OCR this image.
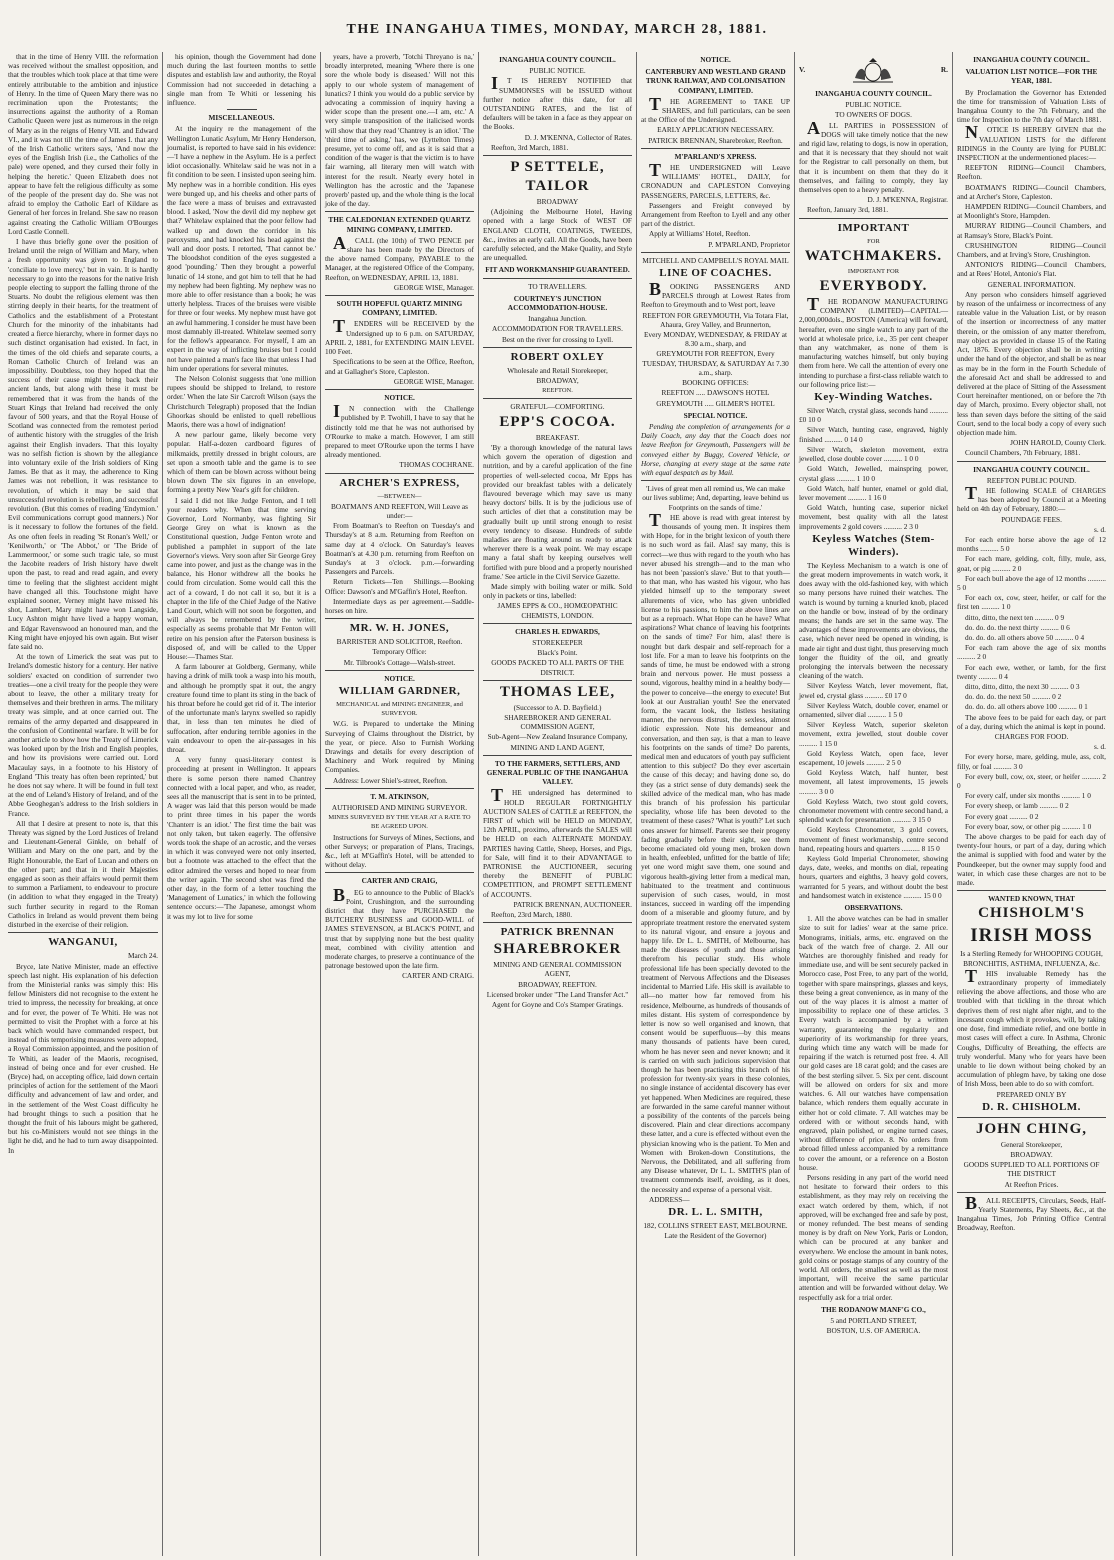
THE INANGAHUA TIMES, MONDAY, MARCH 28, 1881.

that in the time of Henry VIII. the reformation was received without the smallest opposition, and that the troubles which took place at that time were entirely attributable to the ambition and injustice of Henry. In the time of Queen Mary there was no recrimination upon the Protestants; the insurrections against the authority of a Roman Catholic Queen were just as numerous in the reign of Mary as in the reigns of Henry VII. and Edward VI., and it was not till the time of James I. that any of the Irish Catholic writers says, 'And now the eyes of the English Irish (i.e., the Catholics of the pale) were opened, and they cursed their folly in helping the heretic.' Queen Elizabeth does not appear to have felt the religious difficulty as some of the people of the present day do. She was not afraid to employ the Catholic Earl of Kildare as General of her forces in Ireland. She saw no reason against creating the Catholic William O'Bourges Lord Castle Connell.

I have thus briefly gone over the position of Ireland until the reign of William and Mary, when a fresh opportunity was given to England to 'conciliate to love mercy,' but in vain. It is hardly necessary to go into the reasons for the native Irish people electing to support the falling throne of the Stuarts. No doubt the religious element was then stirring deeply in their hearts, for the treatment of Catholics and the establishment of a Protestant Church for the minority of the inhabitants had created a fierce hierarchy, where in former days no such distinct organisation had existed. In fact, in the times of the old chiefs and separate courts, a Roman Catholic Church of Ireland was an impossibility. Doubtless, too they hoped that the success of their cause might bring back their ancient lands, but along with these it must be remembered that it was from the hands of the Stuart Kings that Ireland had received the only favour of 500 years, and that the Royal House of Scotland was connected from the remotest period of authentic history with the struggles of the Irish against their English invaders. That this loyalty was no selfish fiction is shown by the allegiance into voluntary exile of the Irish soldiers of King James. Be that as it may, the adherence to King James was not rebellion, it was resistance to revolution, of which it may be said that unsuccessful revolution is rebellion, and successful revolution. (But this comes of reading 'Endymion.' Evil communications corrupt good manners.) Nor is it necessary to follow the fortunes of the field. As one often feels in reading 'St Ronan's Well,' or 'Kenilworth,' or 'The Abbot,' or 'The Bride of Lammermoor,' or some such tragic tale, so must the Jacobite readers of Irish history have dwelt upon the past, to read and read again, and every time to feeling that the slightest accident might have changed all this. Touchstone might have explained sooner, Verney might have missed his shot, Lambert, Mary might have won Langside, Lucy Ashton might have lived a happy woman, and Edgar Ravenswood an honoured man, and the King might have enjoyed his own again. But wiser fate said no.

At the town of Limerick the seat was put to Ireland's domestic history for a century. Her native soldiers' exacted on condition of surrender two treaties—one a civil treaty for the people they were about to leave, the other a military treaty for themselves and their brethren in arms. The military treaty was simple, and at once carried out. The remains of the army departed and disappeared in the confusion of Continental warfare. It will be for another article to show how the Treaty of Limerick was looked upon by the Irish and English peoples, and how its provisions were carried out. Lord Macaulay says, in a footnote to his History of England 'This treaty has often been reprinted,' but he does not say where. It will be found in full text at the end of Leland's History of Ireland, and of the Abbe Geoghegan's address to the Irish soldiers in France.

All that I desire at present to note is, that this Threaty was signed by the Lord Justices of Ireland and Lieutenant-General Ginkle, on behalf of William and Mary on the one part, and by the Right Honourable, the Earl of Lucan and others on the other part; and that in it their Majesties engaged as soon as their affairs would permit them to summon a Parliament, to endeavour to procure (in addition to what they engaged in the Treaty) such further security in regard to the Roman Catholics in Ireland as would prevent them being disturbed in the exercise of their religion.

WANGANUI,

March 24.

Bryce, late Native Minister, made an effective speech last night. His explanation of his defection from the Ministerial ranks was simply this: His fellow Ministers did not recognise to the extent he tried to impress, the necessity for breaking, at once and for ever, the power of Te Whiti. He was not permitted to visit the Prophet with a force at his back which would have commanded respect, but instead of this temporising measures were adopted, a Royal Commission appointed, and the position of Te Whiti, as leader of the Maoris, recognised, instead of being once and for ever crushed. He (Bryce) had, on accepting office, laid down certain principles of action for the settlement of the Maori difficulty and advancement of law and order, and in the settlement of the West Coast difficulty he had brought things to such a position that he thought the fruit of his labours might be gathered, but his co-Ministers would not see things in the light he did, and he had to turn away disappointed. In

his opinion, though the Government had done much during the last fourteen months to settle disputes and establish law and authority, the Royal Commission had not succeeded in detaching a single man from Te Whiti or lessening his influence.

MISCELLANEOUS.

At the inquiry re the management of the Wellington Lunatic Asylum, Mr Henry Henderson, journalist, is reported to have said in his evidence:—'I have a nephew in the Asylum. He is a perfect idiot occasionally. Whitelaw said he was not in a fit condition to be seen. I insisted upon seeing him. My nephew was in a horrible condition. His eyes were bunged up, and his cheeks and other parts of the face were a mass of bruises and extravasted blood. I asked, 'Now the devil did my nephew get that?' Whitelaw explained that the poor fellow had walked up and down the corridor in his paroxysms, and had knocked his head against the wall and door posts. I retorted, 'That cannot be.' The bloodshot condition of the eyes suggested a good 'pounding.' Then they brought a powerful lunatic of 14 stone, and got him to tell that he had my nephew had been fighting. My nephew was no more able to offer resistance than a book; he was utterly helpless. Traces of the bruises were visible for three or four weeks. My nephew must have got an awful hammering. I consider he must have been most damnably ill-treated. Whitelaw seemed sorry for the fellow's appearance. For myself, I am an expert in the way of inflicting bruises but I could not have painted a man's face like that unless I had him under operations for several minutes.

The Nelson Colonist suggests that 'one million rupees should be shipped to Ireland, to restore order.' When the late Sir Carcroft Wilson (says the Christchurch Telegraph) proposed that the Indian Ghoorkas should be enlisted to quell rebellious Maoris, there was a howl of indignation!

A new parlour game, likely become very popular. Half-a-dozen cardboard figures of milkmaids, prettily dressed in bright colours, are set upon a smooth table and the game is to see which of them can be blown across without being blown down The six figures in an envelope, forming a pretty New Year's gift for children.

I said I did not like Judge Fenton, and I tell your readers why. When that time serving Governor, Lord Normanby, was fighting Sir George Grey on what is known as the Constitutional question, Judge Fenton wrote and published a pamphlet in support of the late Governor's views. Very soon after Sir George Grey came into power, and just as the change was in the balance, his Honor withdrew all the books he could from circulation. Some would call this the act of a coward, I do not call it so, but it is a chapter in the life of the Chief Judge of the Native Land Court, which will not soon be forgotten, and will always be remembered by the writer, especially as seems probable that Mr Fenton will retire on his pension after the Paterson business is disposed of, and will be called to the Upper House:—Thames Star.

A farm labourer at Goldberg, Germany, while having a drink of milk took a wasp into his mouth, and although he promptly spat it out, the angry creature found time to plant its sting in the back of his throat before he could get rid of it. The interior of the unfortunate man's larynx swelled so rapidly that, in less than ten minutes he died of suffocation, after enduring terrible agonies in the vain endeavour to open the air-passages in his throat.

A very funny quasi-literary contest is proceeding at present in Wellington. It appears there is some person there named Chantrey connected with a local paper, and who, as reader, sees all the manuscript that is sent in to be printed, A wager was laid that this person would be made to print three times in his paper the words 'Chanterr is an idiot.' The first time the bait was not only taken, but taken eagerly. The offensive words took the shape of an acrostic, and the verses in which it was conveyed were not only inserted, but a footnote was attached to the effect that the editor admired the verses and hoped to near from the writer again. The second shot was fired the other day, in the form of a letter touching the 'Management of Lunatics,' in which the following sentence occurs:—'The Japanese, amongst whom it was my lot to live for some

years, have a proverb, 'Totchi Threyano is na,' broadly interpreted, meaning 'Where there is one sore the whole body is diseased.' Will not this apply to our whole system of management of lunatics? I think you would do a public service by advocating a commission of inquiry having a wider scope than the present one.—I am, etc.' A very simple transposition of the italicised words will show that they read 'Chantrey is an idiot.' The 'third time of asking,' has, we (Lyttelton Times) presume, yet to come off, and as it is said that a condition of the wager is that the victim is to have fair warning, all literary men will watch with interest for the result. Nearly every hotel in Wellington has the acrostic and the 'Japanese proverb' pasted up, and the whole thing is the local joke of the day.

THE CALEDONIAN EXTENDED QUARTZ MINING COMPANY, LIMITED.

ACALL (the 10th) of TWO PENCE per share has been made by the Directors of the above named Company, PAYABLE to the Manager, at the registered Office of the Company, Reefton, on WEDNESDAY, APRIL 13, 1881.

GEORGE WISE, Manager.

SOUTH HOPEFUL QUARTZ MINING COMPANY, LIMITED.

TENDERS will be RECEIVED by the Undersigned up to 6 p.m. on SATURDAY, APRIL 2, 1881, for EXTENDING MAIN LEVEL 100 Feet.

Specifications to be seen at the Office, Reefton, and at Gallagher's Store, Capleston.

GEORGE WISE, Manager.

NOTICE.

IN connection with the Challenge published by P. Twohill, I have to say that he distinctly told me that he was not authorised by O'Rourke to make a match. However, I am still prepared to meet O'Rourke upon the terms I have already mentioned.

THOMAS COCHRANE.

ARCHER'S EXPRESS,

—BETWEEN—

BOATMAN'S AND REEFTON, Will Leave as under:—

From Boatman's to Reefton on Tuesday's and Thursday's at 8 a.m. Returning from Reefton on same day at 4 o'clock. On Saturday's leaves Boatman's at 4.30 p.m. returning from Reefton on Sunday's at 3 o'clock. p.m.—forwarding Passengers and Parcels.

Return Tickets—Ten Shillings.—Booking Office: Dawson's and M'Gaffin's Hotel, Reefton.

Intermediate days as per agreement.—Saddle-horses on hire.

MR. W. H. JONES,

BARRISTER AND SOLICITOR, Reefton.

Temporary Office:

Mr. Tilbrook's Cottage—Walsh-street.

NOTICE.
WILLIAM GARDNER,

MECHANICAL and MINING ENGINEER, and SURVEYOR.

W.G. is Prepared to undertake the Mining Surveying of Claims throughout the District, by the year, or piece. Also to Furnish Working Drawings and details for every description of Machinery and Work required by Mining Companies.

Address: Lower Shiel's-street, Reefton.

T. M. ATKINSON,

AUTHORISED AND MINING SURVEYOR.

MINES SURVEYED BY THE YEAR AT A RATE TO BE AGREED UPON.

Instructions for Surveys of Mines, Sections, and other Surveys; or preparation of Plans, Tracings, &c., left at M'Gaffin's Hotel, will be attended to without delay.

CARTER AND CRAIG,

BEG to announce to the Public of Black's Point, Crushington, and the surrounding district that they have PURCHASED the BUTCHERY BUSINESS and GOOD-WILL of JAMES STEVENSON, at BLACK'S POINT, and trust that by supplying none but the best quality meat, combined with civility attention and moderate charges, to preserve a continuance of the patronage bestowed upon the late firm.

CARTER AND CRAIG.

INANGAHUA COUNTY COUNCIL.

PUBLIC NOTICE.

IT IS HEREBY NOTIFIED that SUMMONSES will be ISSUED without further notice after this date, for all OUTSTANDING RATES, and the list of defaulters will be taken in a face as they appear on the Books.

D. J. M'KENNA, Collector of Rates.

Reefton, 3rd March, 1881.

P SETTELE,
TAILOR

BROADWAY

(Adjoining the Melbourne Hotel, Having opened with a large Stock of WEST OF ENGLAND CLOTH, COATINGS, TWEEDS, &c., invites an early call. All the Goods, have been carefully selected, and the Make Quality, and Style are unequalled.

FIT AND WORKMANSHIP GUARANTEED.

TO TRAVELLERS.

COURTNEY'S JUNCTION ACCOMMODATION-HOUSE.

Inangahua Junction.

ACCOMMODATION FOR TRAVELLERS.

Best on the river for crossing to Lyell.

ROBERT OXLEY

Wholesale and Retail Storekeeper,

BROADWAY,

REEFTON.

GRATEFUL—COMFORTING.

EPP'S COCOA.

BREAKFAST.

'By a thorough knowledge of the natural laws which govern the operation of digestion and nutrition, and by a careful application of the fine properties of well-selected cocoa, Mr Epps has provided our breakfast tables with a delicately flavoured beverage which may save us many heavy doctors' bills. It is by the judicious use of such articles of diet that a constitution may be gradually built up until strong enough to resist every tendency to disease. Hundreds of subtle maladies are floating around us ready to attack wherever there is a weak point. We may escape many a fatal shaft by keeping ourselves well fortified with pure blood and a properly nourished frame.' See article in the Civil Service Gazette.

Made simply with boiling water or milk. Sold only in packets or tins, labelled:

JAMES EPPS & CO., HOMŒOPATHIC CHEMISTS, LONDON.

CHARLES H. EDWARDS,

STOREKEEPER

Black's Point.

GOODS PACKED TO ALL PARTS OF THE DISTRICT.

THOMAS LEE,

(Successor to A. D. Bayfield.)

SHAREBROKER AND GENERAL COMMISSION AGENT,

Sub-Agent—New Zealand Insurance Company,

MINING AND LAND AGENT,

TO THE FARMERS, SETTLERS, AND GENERAL PUBLIC OF THE INANGAHUA VALLEY.

THE undersigned has determined to HOLD REGULAR FORTNIGHTLY AUCTION SALES of CATTLE at REEFTON, the FIRST of which will be HELD on MONDAY, 12th APRIL, proximo, afterwards the SALES will be HELD on each ALTERNATE MONDAY. PARTIES having Cattle, Sheep, Horses, and Pigs, for Sale, will find it to their ADVANTAGE to PATRONISE the AUCTIONEER, securing thereby the BENEFIT of PUBLIC COMPETITION, and PROMPT SETTLEMENT of ACCOUNTS.

PATRICK BRENNAN, AUCTIONEER.

Reefton, 23rd March, 1880.

PATRICK BRENNAN
SHAREBROKER

MINING AND GENERAL COMMISSION AGENT,

BROADWAY, REEFTON.

Licensed broker under "The Land Transfer Act."

Agent for Goyne and Co's Stamper Gratings.

NOTICE.
CANTERBURY AND WESTLAND GRAND TRUNK RAILWAY, AND COLONISATION COMPANY, LIMITED.

THE AGREEMENT to TAKE UP SHARES, and full particulars, can be seen at the Office of the Undersigned.

EARLY APPLICATION NECESSARY.

PATRICK BRENNAN, Sharebroker, Reefton.

M'PARLAND'S XPRESS.

THE UNDERSIGNED will Leave WILLIAMS' HOTEL, DAILY, for CRONADUN and CAPLESTON Conveying PASSENGERS, PARCELS, LETTERS, &c.

Passengers and Freight conveyed by Arrangement from Reefton to Lyell and any other part of the district.

Apply at Williams' Hotel, Reefton.

P. M'PARLAND, Proprietor

MITCHELL AND CAMPBELL'S ROYAL MAIL

LINE OF COACHES.

BOOKING PASSENGERS AND PARCELS through at Lowest Rates from Reefton to Greymouth and to West port, leave

REEFTON FOR GREYMOUTH, Via Totara Flat, Ahaura, Grey Valley, and Brunnerton,

Every MONDAY, WEDNESDAY, & FRIDAY at 8.30 a.m., sharp, and

GREYMOUTH FOR REEFTON, Every TUESDAY, THURSDAY, & SATURDAY At 7.30 a.m., sharp.

BOOKING OFFICES:

REEFTON ..... DAWSON'S HOTEL

GREYMOUTH ..... GILMER'S HOTEL

SPECIAL NOTICE.

Pending the completion of arrangements for a Daily Coach, any day that the Coach does not leave Reefton for Greymouth, Passengers will be conveyed either by Buggy, Covered Vehicle, or Horse, changing at every stage at the same rate with equal despatch as by Mail.

'Lives of great men all remind us, We can make our lives sublime; And, departing, leave behind us Footprints on the sands of time.'

THE above is read with great interest by thousands of young men. It inspires them with Hope, for in the bright lexicon of youth there is no such word as fail. Alas! say many, this is correct—we thus with regard to the youth who has never abused his strength—and to the man who has not been 'passion's slave.' But to that youth—to that man, who has wasted his vigour, who has yielded himself up to the temporary sweet allurements of vice, who has given unbridled license to his passions, to him the above lines are but as a reproach. What Hope can he have? What aspirations? What chance of leaving his footprints on the sands of time? For him, alas! there is nought but dark despair and self-reproach for a lost life. For a man to leave his footprints on the sands of time, he must be endowed with a strong brain and nervous power. He must possess a sound, vigorous, healthy mind in a healthy body—the power to conceive—the energy to execute! But look at our Australian youth! See the enervated form, the vacant look, the listless hesitating manner, the nervous distrust, the sexless, almost idiotic expression. Note his demeanour and conversation, and then say, is that a man to leave his footprints on the sands of time? Do parents, medical men and educators of youth pay sufficient attention to this subject? Do they ever ascertain the cause of this decay; and having done so, do they (as a strict sense of duty demands) seek the skilled advice of the medical man, who has made this branch of his profession his particular speciality, whose life has been devoted to the treatment of these cases? 'What is youth?' Let such ones answer for himself. Parents see their progeny fading gradually before their sight, see them become emaciated old young men, broken down in health, enfeebled, unfitted for the battle of life; yet one word might save them, one sound and vigorous health-giving letter from a medical man, habituated to the treatment and continuous supervision of such cases, would, in most instances, succeed in warding off the impending doom of a miserable and gloomy future, and by appropriate treatment restore the enervated system to its natural vigour, and ensure a joyous and happy life. Dr L. L. SMITH, of Melbourne, has made the diseases of youth and those arising therefrom his peculiar study. His whole professional life has been specially devoted to the treatment of Nervous Affections and the Diseases incidental to Married Life. His skill is available to all—no matter how far removed from his residence, Melbourne, as hundreds of thousands of miles distant. His system of correspondence by letter is now so well organised and known, that consent would be superfluous—by this means many thousands of patients have been cured, whom he has never seen and never known; and it is carried on with such judicious supervision that though he has been practising this branch of his profession for twenty-six years in these colonies, no single instance of accidental discovery has ever yet happened. When Medicines are required, these are forwarded in the same careful manner without a possibility of the contents of the parcels being discovered. Plain and clear directions accompany these latter, and a cure is effected without even the physician knowing who is the patient. To Men and Women with Broken-down Constitutions, the Nervous, the Debilitated, and all suffering from any Disease whatever, Dr L. L. SMITH'S plan of treatment commends itself, avoiding, as it does, the necessity and expense of a personal visit.

ADDRESS—

DR. L. L. SMITH,

182, COLLINS STREET EAST, MELBOURNE.

Late the Resident of the Governor)

V.	R.
INANGAHUA COUNTY COUNCIL.

PUBLIC NOTICE.

TO OWNERS OF DOGS.

ALL PARTIES in POSSESSION of DOGS will take timely notice that the new and rigid law, relating to dogs, is now in operation, and that it is necessary that they should not wait for the Registrar to call personally on them, but that it is incumbent on them that they do it themselves, and failing to comply, they lay themselves open to a heavy penalty.

D. J. M'KENNA, Registrar.

Reefton, January 3rd, 1881.

IMPORTANT

FOR

WATCHMAKERS.

IMPORTANT FOR

EVERYBODY.

THE RODANOW MANUFACTURING COMPANY (LIMITED)—CAPITAL—2,000,000dols., BOSTON (America) will forward, hereafter, even one single watch to any part of the world at wholesale price, i.e., 35 per cent cheaper than any watchmaker, as none of them is manufacturing watches himself, but only buying them from here. We call the attention of every one intending to purchase a first-class reliable watch to our following price list:—

Key-Winding Watches.

Silver Watch, crystal glass, seconds hand .......... £0 10 0

Silver Watch, hunting case, engraved, highly finished .......... 0 14 0

Silver Watch, skeleton movement, extra jewelled, close double cover .......... 1 0 0

Gold Watch, Jewelled, mainspring power, crystal glass .......... 1 10 0

Gold Watch, half hunter, enamel or gold dial, lever movement .......... 1 16 0

Gold Watch, hunting case, superior nickel movement, best quality with all the latest improvements 2 gold covers .......... 2 3 0

Keyless Watches (Stem-Winders).

The Keyless Mechanism to a watch is one of the great modern improvements in watch work, it does away with the old-fashioned key, with which so many persons have ruined their watches. The watch is wound by turning a knurled knob, placed on the handle or bow, instead of by the ordinary means; the hands are set in the same way. The advantages of these improvements are obvious, the case, which never need be opened in winding, is made air tight and dust tight, thus preserving much longer the fluidity of the oil, and greatly prolonging the intervals between the necessary cleaning of the watch.

Silver Keyless Watch, lever movement, flat, jewel ed, crystal glass .......... £0 17 0

Silver Keyless Watch, double cover, enamel or ornamented, silver dial .......... 1 5 0

Silver Keyless Watch, superior skeleton movement, extra jewelled, stout double cover .......... 1 15 0

Gold Keyless Watch, open face, lever escapement, 10 jewels .......... 2 5 0

Gold Keyless Watch, half hunter, best movement, all latest improvements, 15 jewels .......... 3 0 0

Gold Keyless Watch, two stout gold covers, chronometer movement with centre second hand, a splendid watch for presentation .......... 3 15 0

Gold Keyless Chronometer, 3 gold covers, movement of finest workmanship, centre second hand, repeating hours and quarters .......... 8 15 0

Keyless Gold Imperial Chronometer, showing days, date, weeks, and months on dial, repeating hours, quarters and eighths, 3 heavy gold covers, warranted for 5 years, and without doubt the best and handsomest watch in existence .......... 15 0 0

OBSERVATIONS.

1. All the above watches can be had in smaller size to suit for ladies' wear at the same price. Monograms, initials, arms, etc. engraved on the back of the watch free of charge. 2. All our Watches are thoroughly finished and ready for immediate use, and will be sent securely packed in Morocco case, Post Free, to any part of the world, together with spare mainsprings, glasses and keys, these being a great convenience, as in many of the out of the way places it is almost a matter of impossibility to replace one of these articles. 3 Every watch is accompanied by a written warranty, guaranteeing the regularity and superiority of its workmanship for three years, during which time any watch will be made for repairing if the watch is returned post free. 4. All our gold cases are 18 carat gold; and the cases are of the best sterling silver. 5. Six per cent. discount will be allowed on orders for six and more watches. 6. All our watches have compensation balance, which renders them equally accurate in either hot or cold climate. 7. All watches may be ordered with or without seconds hand, with engraved, plain polished, or engine turned cases, without difference of price. 8. No orders from abroad filled unless accompanied by a remittance to cover the amount, or a reference on a Boston house.

Persons residing in any part of the world need not hesitate to forward their orders to this establishment, as they may rely on receiving the exact watch ordered by them, which, if not approved, will be exchanged free and safe by post, or money refunded. The best means of sending money is by draft on New York, Paris or London, which can be procured at any banker and everywhere. We enclose the amount in bank notes, gold coins or postage stamps of any country of the world. All orders, the smallest as well as the most important, will receive the same particular attention and will be forwarded without delay. We respectfully ask for a trial order.

THE RODANOW MANF'G CO.,

5 and PORTLAND STREET,

BOSTON, U.S. OF AMERICA.

INANGAHUA COUNTY COUNCIL.
VALUATION LIST NOTICE—FOR THE YEAR, 1881.

By Proclamation the Governor has Extended the time for transmission of Valuation Lists of Inangahua County to the 7th February, and the time for Inspection to the 7th day of March 1881.

NOTICE IS HEREBY GIVEN that the VALUATION LISTS for the different RIDINGS in the County are lying for PUBLIC INSPECTION at the undermentioned places:—

REEFTON RIDING—Council Chambers, Reefton.

BOATMAN'S RIDING—Council Chambers, and at Archer's Store, Capleston.

HAMPDEN RIDING—Council Chambers, and at Moonlight's Store, Hampden.

MURRAY RIDING—Council Chambers, and at Ramsay's Store, Black's Point.

CRUSHINGTON RIDING—Council Chambers, and at Irving's Store, Crushington.

ANTONIO'S RIDING—Council Chambers, and at Rees' Hotel, Antonio's Flat.

GENERAL INFORMATION.

Any person who considers himself aggrieved by reason of the unfairness or incorrectness of any rateable value in the Valuation List, or by reason of the insertion or incorrectness of any matter therein, or the omission of any matter therefrom, may object as provided in clause 15 of the Rating Act, 1876. Every objection shall be in writing under the hand of the objector, and shall be as near as may be in the form in the Fourth Schedule of the aforesaid Act and shall be addressed to and delivered at the place of Sitting of the Assessment Court hereinafter mentioned, on or before the 7th day of March, proximo. Every objector shall, not less than seven days before the sitting of the said Court, send to the local body a copy of every such objection made him.

JOHN HAROLD, County Clerk.

Council Chambers, 7th February, 1881.

INANGAHUA COUNTY COUNCIL.

REEFTON PUBLIC POUND.

THE following SCALE of CHARGES has been adopted by Council at a Meeting held on 4th day of February, 1880:—

POUNDAGE FEES.

s. d.

For each entire horse above the age of 12 months .......... 5 0

For each mare, gelding, colt, filly, mule, ass, goat, or pig .......... 2 0

For each bull above the age of 12 months .......... 5 0

For each ox, cow, steer, heifer, or calf for the first ten .......... 1 0

ditto, ditto, the next ten .......... 0 9

do. do. do. the next thirty .......... 0 6

do. do. do. all others above 50 .......... 0 4

For each ram above the age of six months .......... 2 0

For each ewe, wether, or lamb, for the first twenty .......... 0 4

ditto, ditto, ditto, the next 30 .......... 0 3

do. do. do. the next 50 .......... 0 2

do. do. do. all others above 100 .......... 0 1

The above fees to be paid for each day, or part of a day, during which the animal is kept in pound.

CHARGES FOR FOOD.

s. d.

For every horse, mare, gelding, mule, ass, colt, filly, or foal .......... 3 0

For every bull, cow, ox, steer, or heifer .......... 2 0

For every calf, under six months .......... 1 0

For every sheep, or lamb .......... 0 2

For every goat .......... 0 2

For every boar, sow, or other pig .......... 1 0

The above charges to be paid for each day of twenty-four hours, or part of a day, during which the animal is supplied with food and water by the Poundkeeper, but the owner may supply food and water, in which case these charges are not to be made.

WANTED KNOWN, THAT
CHISHOLM'S
IRISH MOSS

Is a Sterling Remedy for WHOOPING COUGH, BRONCHITIS, ASTHMA, INFLUENZA, &c.

THIS invaluable Remedy has the extraordinary property of immediately relieving the above affections, and those who are troubled with that tickling in the throat which deprives them of rest night after night, and to the incessant cough which it provokes, will, by taking one dose, find immediate relief, and one bottle in most cases will effect a cure. In Asthma, Chronic Coughs, Difficulty of Breathing, the effects are truly wonderful. Many who for years have been unable to lie down without being choked by an accumulation of phlegm have, by taking one dose of Irish Moss, been able to do so with comfort.

PREPARED ONLY BY

D. R. CHISHOLM.
JOHN CHING,

General Storekeeper,

BROADWAY.

GOODS SUPPLIED TO ALL PORTIONS OF THE DISTRICT

At Reefton Prices.

BALL RECEIPTS, Circulars, Seeds, Half-Yearly Statements, Pay Sheets, &c., at the Inangahua Times, Job Printing Office Central Broadway, Reefton.
